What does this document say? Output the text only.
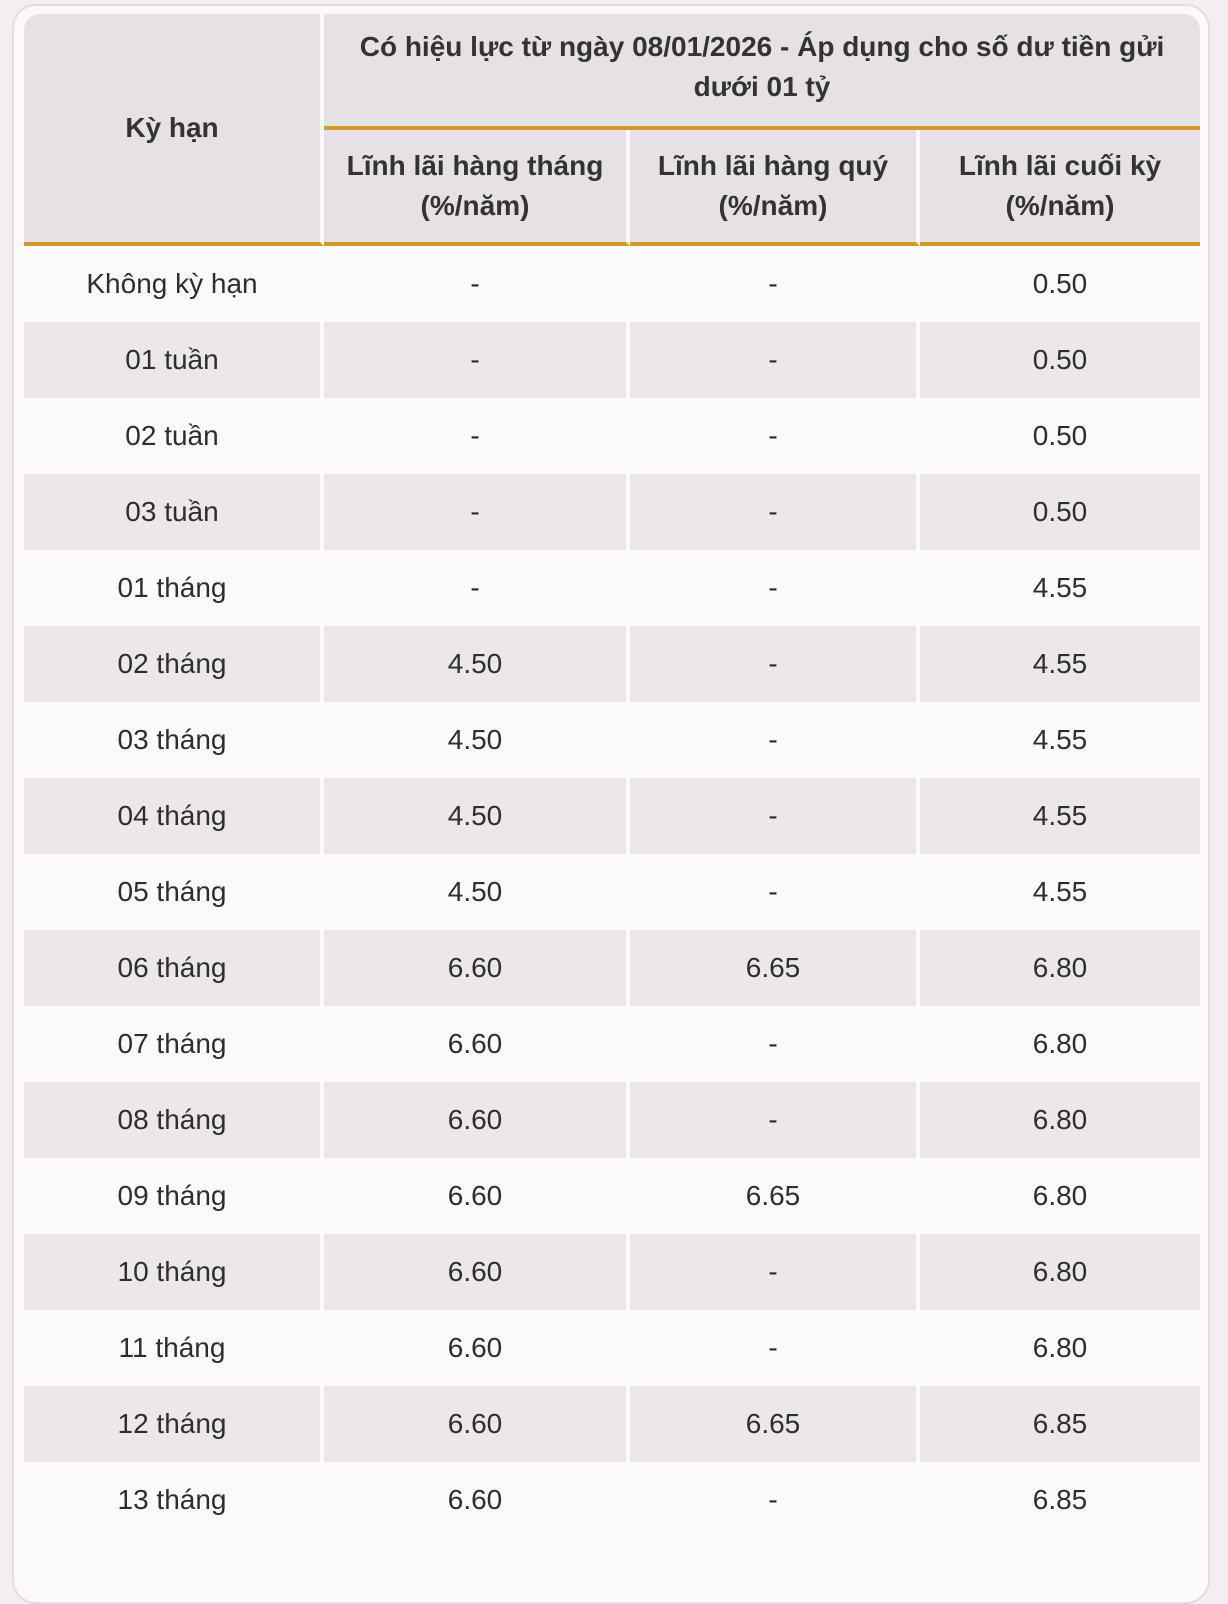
Kỳ hạn	Có hiệu lực từ ngày 08/01/2026 - Áp dụng cho số dư tiền gửi dưới 01 tỷ		
	Lĩnh lãi hàng tháng (%/năm)	Lĩnh lãi hàng quý (%/năm)	Lĩnh lãi cuối kỳ (%/năm)
Không kỳ hạn	-	-	0.50
01 tuần	-	-	0.50
02 tuần	-	-	0.50
03 tuần	-	-	0.50
01 tháng	-	-	4.55
02 tháng	4.50	-	4.55
03 tháng	4.50	-	4.55
04 tháng	4.50	-	4.55
05 tháng	4.50	-	4.55
06 tháng	6.60	6.65	6.80
07 tháng	6.60	-	6.80
08 tháng	6.60	-	6.80
09 tháng	6.60	6.65	6.80
10 tháng	6.60	-	6.80
11 tháng	6.60	-	6.80
12 tháng	6.60	6.65	6.85
13 tháng	6.60	-	6.85
